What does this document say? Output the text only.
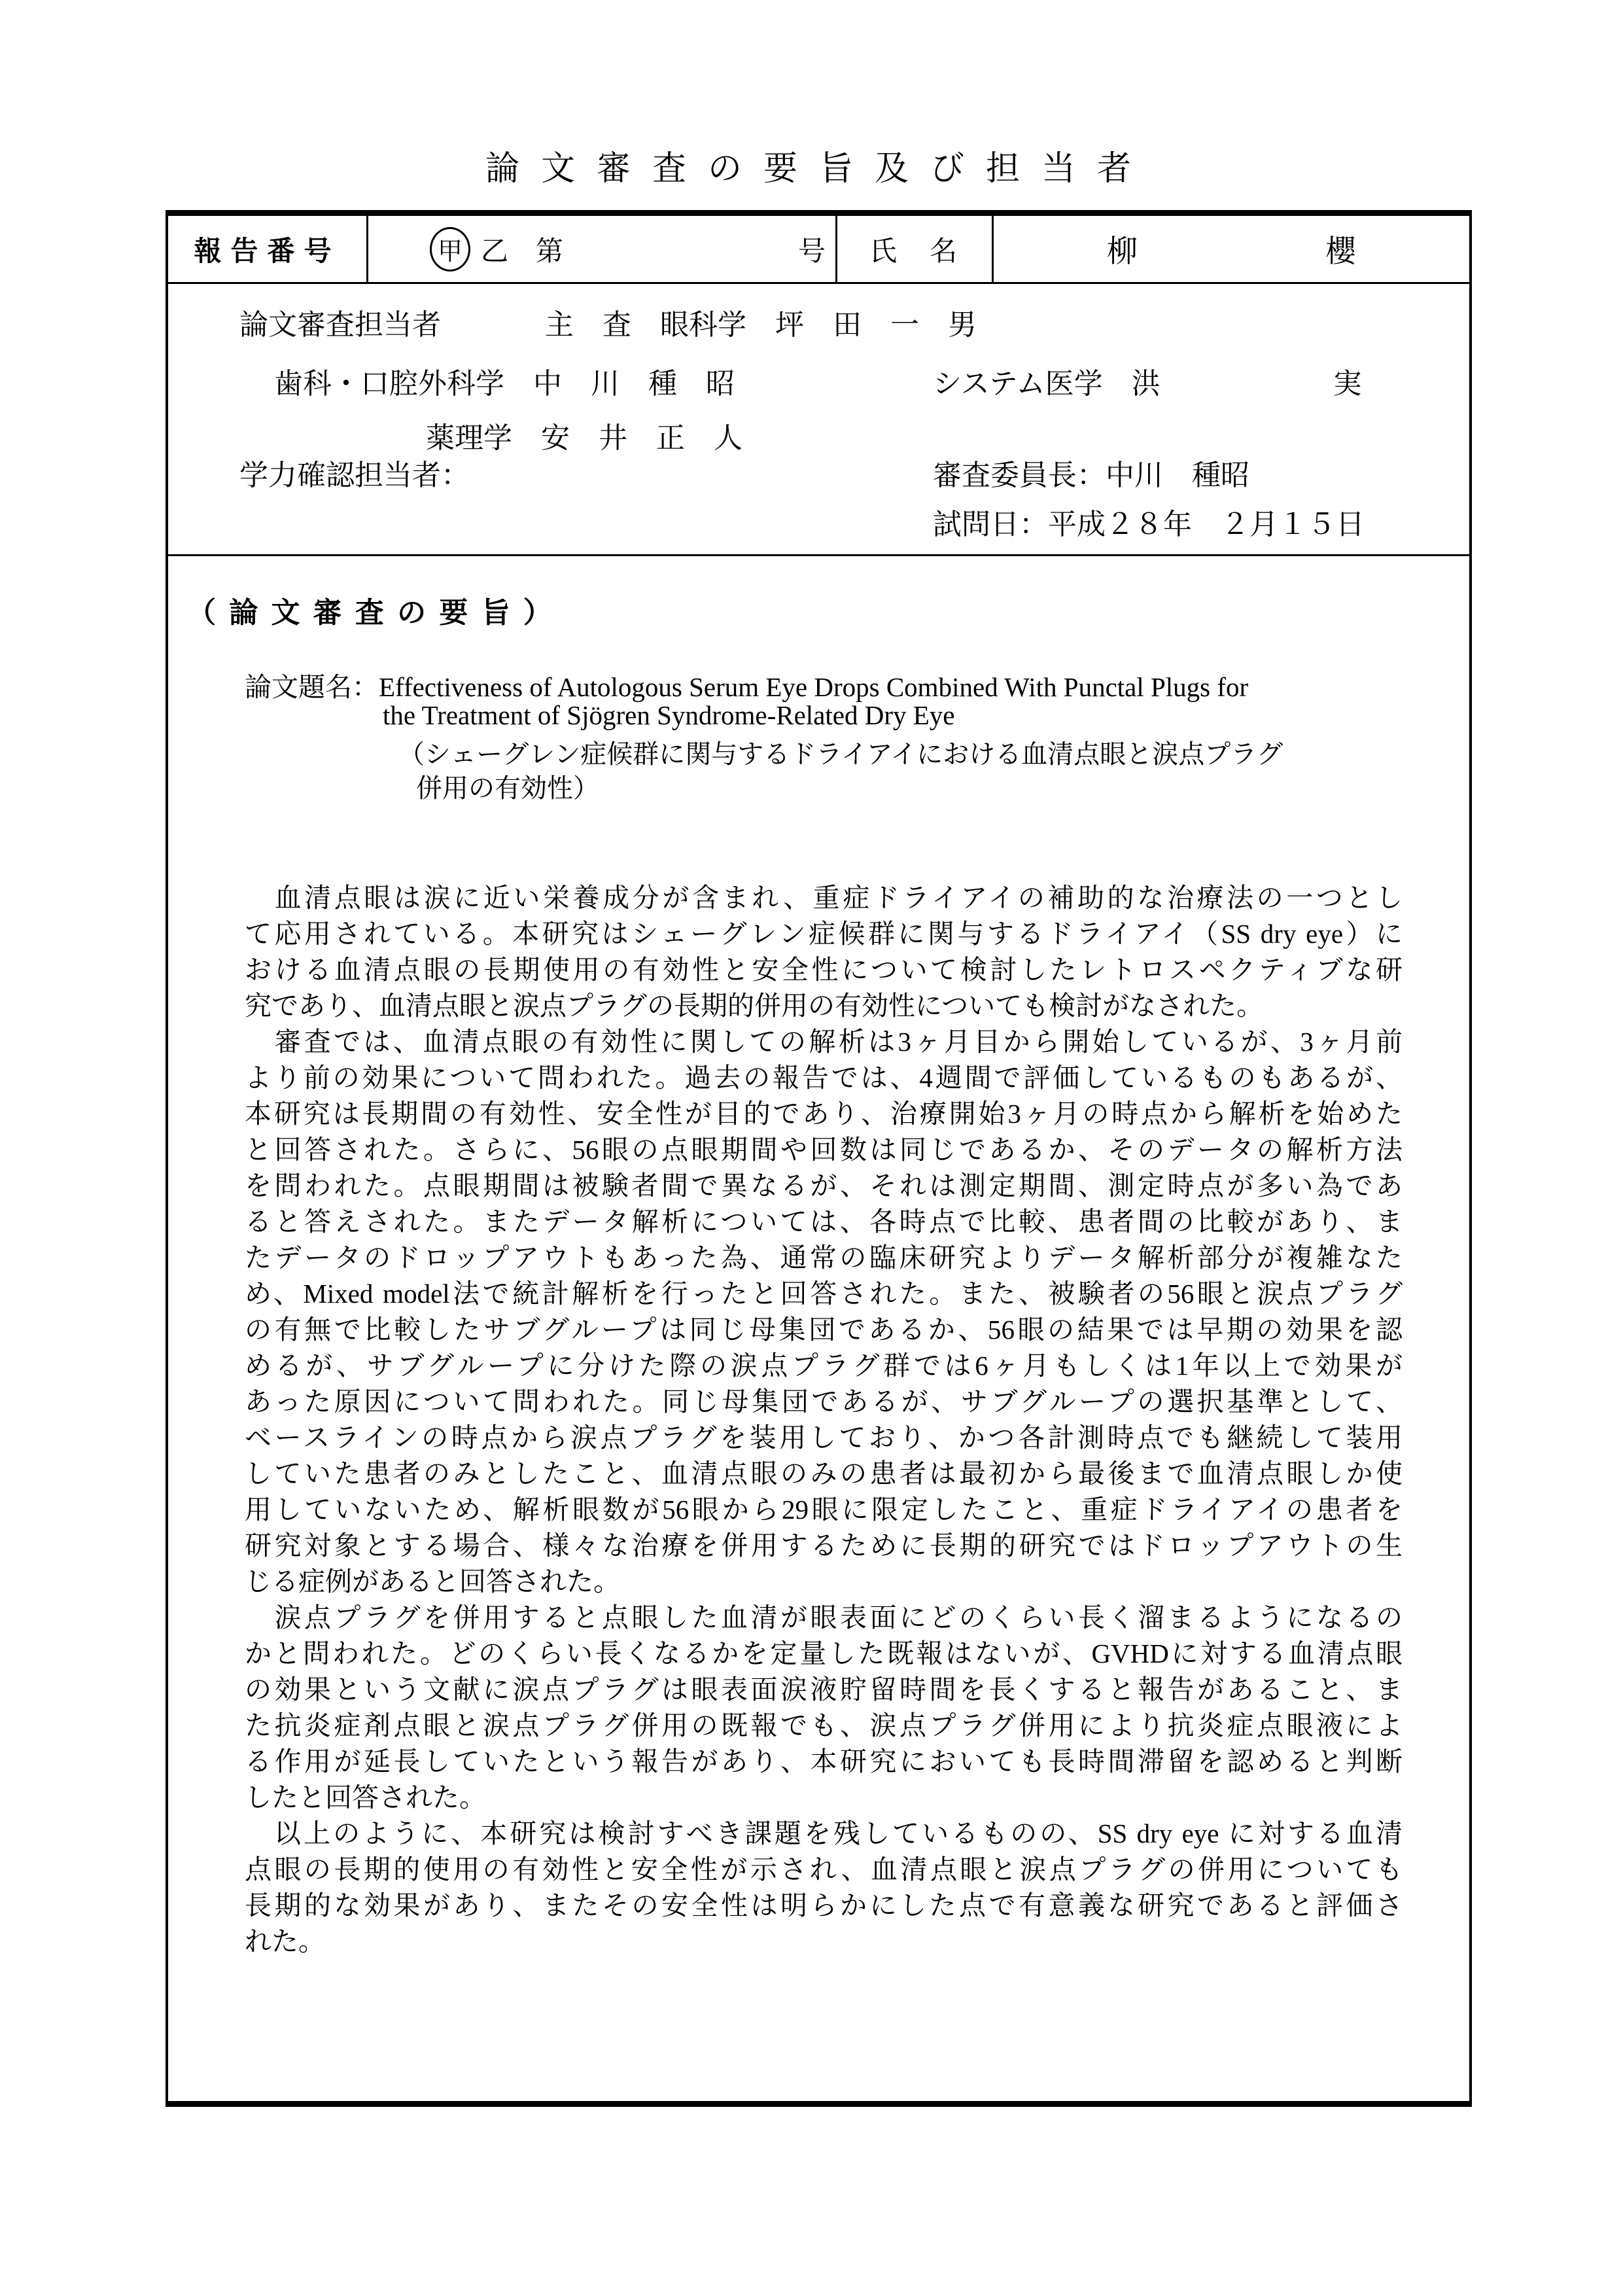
論 文 審 査 の 要 旨 及 び 担 当 者
報告番号	甲 乙　第	号	氏　名	柳	櫻
論文審査担当者	主　査　眼科学　坪　田　一　男
歯科・口腔外科学　中　川　種　昭	システム医学　洪　　　　　　実
薬理学　安　井　正　人
学力確認担当者：	審査委員長：中川　種昭
試問日：平成２８年　２月１５日
（ 論 文 審 査 の 要 旨 ）
論文題名：Effectiveness of Autologous Serum Eye Drops Combined With Punctal Plugs for
the Treatment of Sjögren Syndrome-Related Dry Eye
（シェーグレン症候群に関与するドライアイにおける血清点眼と涙点プラグ
併用の有効性）
　血清点眼は涙に近い栄養成分が含まれ、重症ドライアイの補助的な治療法の一つとし
て応用されている。本研究はシェーグレン症候群に関与するドライアイ（SS dry eye）に
おける血清点眼の長期使用の有効性と安全性について検討したレトロスペクティブな研
究であり、血清点眼と涙点プラグの長期的併用の有効性についても検討がなされた。
　審査では、血清点眼の有効性に関しての解析は3ヶ月目から開始しているが、3ヶ月前
より前の効果について問われた。過去の報告では、4週間で評価しているものもあるが、
本研究は長期間の有効性、安全性が目的であり、治療開始3ヶ月の時点から解析を始めた
と回答された。さらに、56眼の点眼期間や回数は同じであるか、そのデータの解析方法
を問われた。点眼期間は被験者間で異なるが、それは測定期間、測定時点が多い為であ
ると答えされた。またデータ解析については、各時点で比較、患者間の比較があり、ま
たデータのドロップアウトもあった為、通常の臨床研究よりデータ解析部分が複雑なた
め、Mixed model法で統計解析を行ったと回答された。また、被験者の56眼と涙点プラグ
の有無で比較したサブグループは同じ母集団であるか、56眼の結果では早期の効果を認
めるが、サブグループに分けた際の涙点プラグ群では6ヶ月もしくは1年以上で効果が
あった原因について問われた。同じ母集団であるが、サブグループの選択基準として、
ベースラインの時点から涙点プラグを装用しており、かつ各計測時点でも継続して装用
していた患者のみとしたこと、血清点眼のみの患者は最初から最後まで血清点眼しか使
用していないため、解析眼数が56眼から29眼に限定したこと、重症ドライアイの患者を
研究対象とする場合、様々な治療を併用するために長期的研究ではドロップアウトの生
じる症例があると回答された。
　涙点プラグを併用すると点眼した血清が眼表面にどのくらい長く溜まるようになるの
かと問われた。どのくらい長くなるかを定量した既報はないが、GVHDに対する血清点眼
の効果という文献に涙点プラグは眼表面涙液貯留時間を長くすると報告があること、ま
た抗炎症剤点眼と涙点プラグ併用の既報でも、涙点プラグ併用により抗炎症点眼液によ
る作用が延長していたという報告があり、本研究においても長時間滞留を認めると判断
したと回答された。
　以上のように、本研究は検討すべき課題を残しているものの、SS dry eye に対する血清
点眼の長期的使用の有効性と安全性が示され、血清点眼と涙点プラグの併用についても
長期的な効果があり、またその安全性は明らかにした点で有意義な研究であると評価さ
れた。
